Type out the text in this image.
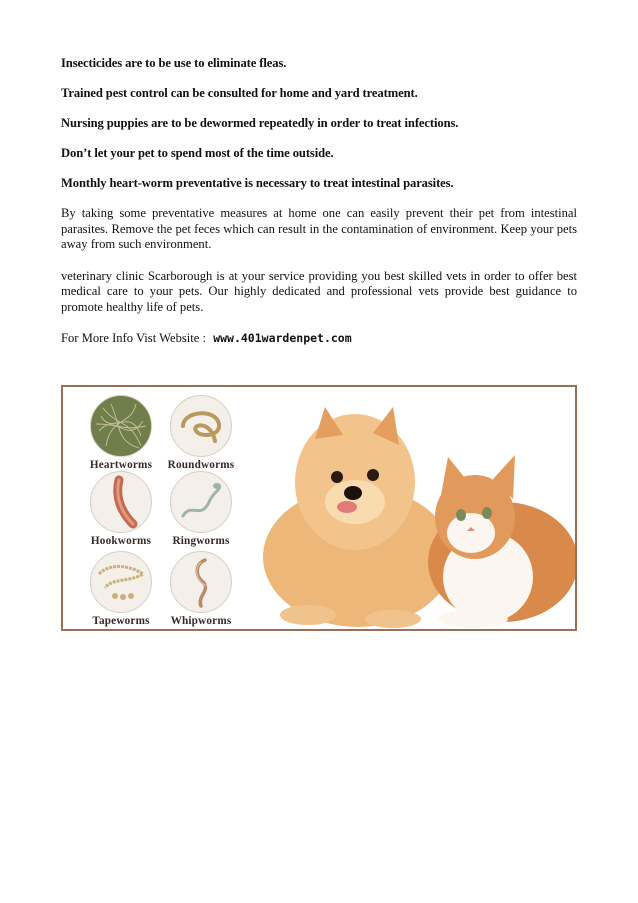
Insecticides are to be use to eliminate fleas.

Trained pest control can be consulted for home and yard treatment.

Nursing puppies are to be dewormed repeatedly in order to treat infections.

Don’t let your pet to spend most of the time outside.

Monthly heart-worm preventative is necessary to treat intestinal parasites.

By taking some preventative measures at home one can easily prevent their pet from intestinal parasites. Remove the pet feces which can result in the contamination of environment. Keep your pets away from such environment.

veterinary clinic Scarborough is at your service providing you best skilled vets in order to offer best medical care to your pets. Our highly dedicated and professional vets provide best guidance to promote healthy life of pets.

For More Info Vist Website : www.401wardenpet.com

Heartworms	Roundworms
Hookworms	Ringworms
Tapeworms	Whipworms
